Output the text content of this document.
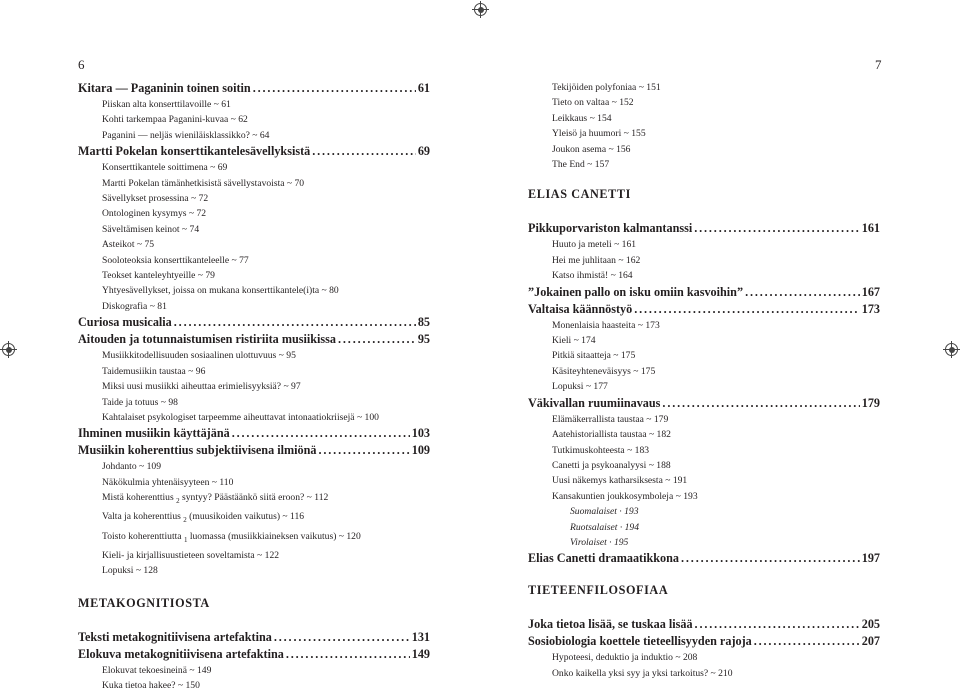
6
Kitara — Paganinin toinen soitin . . .	61
Piiskan alta konserttilavoille ~ 61
Kohti tarkempaa Paganini-kuvaa ~ 62
Paganini — neljäs wieniläisklassikko? ~ 64
Martti Pokelan konserttikantelesävellyksistä . . .	69
Konserttikantele soittimena ~ 69
Martti Pokelan tämänhetkisistä sävellystavoista ~ 70
Sävellykset prosessina ~ 72
Ontologinen kysymys ~ 72
Säveltämisen keinot ~ 74
Asteikot ~ 75
Sooloteoksia konserttikanteleelle ~ 77
Teokset kanteleyhtyeille ~ 79
Yhtyesävellykset, joissa on mukana konserttikantele(i)ta ~ 80
Diskografia ~ 81
Curiosa musicalia . . .	85
Aitouden ja totunnaistumisen ristiriita musiikissa . . .	95
Musiikkitodellisuuden sosiaalinen ulottuvuus ~ 95
Taidemusiikin taustaa ~ 96
Miksi uusi musiikki aiheuttaa erimielisyyksiä? ~ 97
Taide ja totuus ~ 98
Kahtalaiset psykologiset tarpeemme aiheuttavat intonaatiokriisejä ~ 100
Ihminen musiikin käyttäjänä . . .	103
Musiikin koherenttius subjektiivisena ilmiönä . . .	109
Johdanto ~ 109
Näkökulmia yhtenäisyyteen ~ 110
Mistä koherenttius $_2$ syntyy? Päästäänkö siitä eroon? ~ 112
Valta ja koherenttius $_2$ (muusikoiden vaikutus) ~ 116
Toisto koherenttiutta $_1$ luomassa (musiikkiaineksen vaikutus) ~ 120
Kieli- ja kirjallisuustieteen soveltamista ~ 122
Lopuksi ~ 128
METAKOGNITIOSTA
Teksti metakognitiivisena artefaktina . . .	131
Elokuva metakognitiivisena artefaktina . . .	149
Elokuvat tekoesineinä ~ 149
Kuka tietoa hakee? ~ 150
7
Tekijöiden polyfoniaa ~ 151
Tieto on valtaa ~ 152
Leikkaus ~ 154
Yleisö ja huumori ~ 155
Joukon asema ~ 156
The End ~ 157
ELIAS CANETTI
Pikkuporvariston kalmantanssi . . .	161
Huuto ja meteli ~ 161
Hei me juhlitaan ~ 162
Katso ihmistä! ~ 164
”Jokainen pallo on isku omiin kasvoihin” . . .	167
Valtaisa käännöstyö . . .	173
Monenlaisia haasteita ~ 173
Kieli ~ 174
Pitkiä sitaatteja ~ 175
Käsiteyhteneväisyys ~ 175
Lopuksi ~ 177
Väkivallan ruumiinavaus . . .	179
Elämäkerrallista taustaa ~ 179
Aatehistoriallista taustaa ~ 182
Tutkimuskohteesta ~ 183
Canetti ja psykoanalyysi ~ 188
Uusi näkemys katharsiksesta ~ 191
Kansakuntien joukkosymboleja ~ 193
Suomalaiset · 193
Ruotsalaiset · 194
Virolaiset · 195
Elias Canetti dramaatikkona . . .	197
TIETEENFILOSOFIAA
Joka tietoa lisää, se tuskaa lisää . . .	205
Sosiobiologia koettele tieteellisyyden rajoja . . .	207
Hypoteesi, deduktio ja induktio ~ 208
Onko kaikella yksi syy ja yksi tarkoitus? ~ 210
